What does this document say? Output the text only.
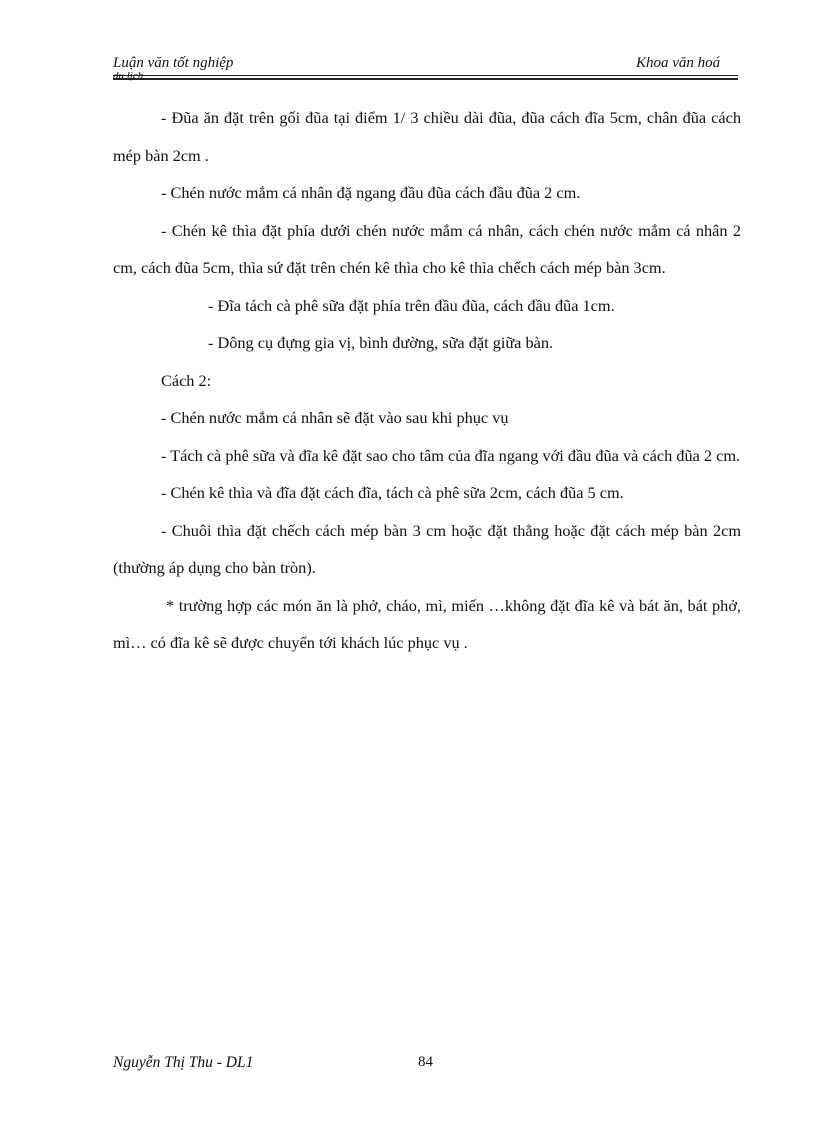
Luận văn tốt nghiệp
du lịch
Khoa văn hoá

- Đũa ăn đặt trên gối đũa tại điểm 1/ 3 chiều dài đũa, đũa cách đĩa 5cm, chân đũa cách mép bàn 2cm .

- Chén nước mắm cá nhân đặ ngang đầu đũa cách đầu đũa 2 cm.

- Chén kê thìa đặt phía dưới chén nước mắm cá nhân, cách chén nước mắm cá nhân 2 cm, cách đũa 5cm, thìa sứ đặt trên chén kê thìa cho kê thìa chếch cách mép bàn 3cm.

- Đĩa tách cà phê sữa đặt phía trên đầu đũa, cách đầu đũa 1cm.

- Dông cụ đựng gia vị, bình đường, sữa đặt giữa bàn.

Cách 2:

- Chén nước mắm cá nhân sẽ đặt vào sau khi phục vụ

- Tách cà phê sữa và đĩa kê đặt sao cho tâm của đĩa ngang với đầu đũa và cách đũa 2 cm.

- Chén kê thìa và đĩa đặt cách đĩa, tách cà phê sữa 2cm, cách đũa 5 cm.

- Chuôi thìa đặt chếch cách mép bàn 3 cm hoặc đặt thẳng hoặc đặt cách mép bàn 2cm (thường áp dụng cho bàn tròn).

* trường hợp các món ăn là phở, cháo, mì, miến …không đặt đĩa kê và bát ăn, bát phở, mì… có đĩa kê sẽ được chuyển tới khách lúc phục vụ .

Nguyễn Thị Thu - DL1	84
